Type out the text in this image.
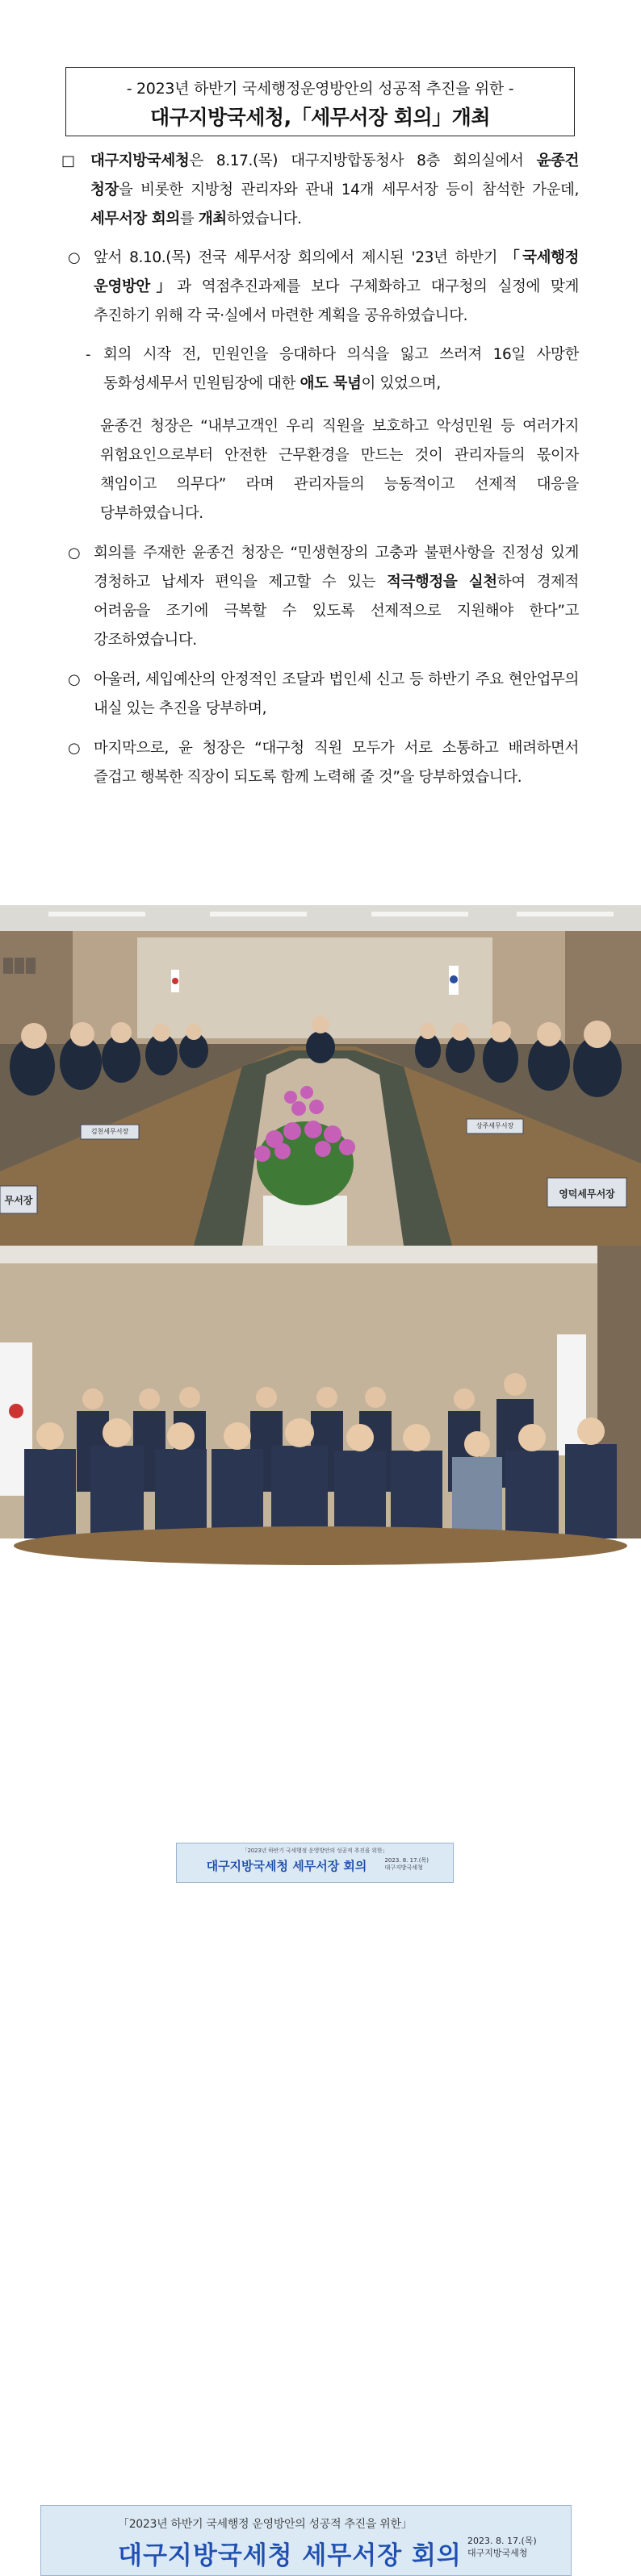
- 2023년 하반기 국세행정운영방안의 성공적 추진을 위한 -
대구지방국세청,「세무서장 회의」개최
□ 대구지방국세청은 8.17.(목) 대구지방합동청사 8층 회의실에서 윤종건 청장을 비롯한 지방청 관리자와 관내 14개 세무서장 등이 참석한 가운데, 세무서장 회의를 개최하였습니다.
○ 앞서 8.10.(목) 전국 세무서장 회의에서 제시된 '23년 하반기 「국세행정 운영방안」과 역점추진과제를 보다 구체화하고 대구청의 실정에 맞게 추진하기 위해 각 국·실에서 마련한 계획을 공유하였습니다.
- 회의 시작 전, 민원인을 응대하다 의식을 잃고 쓰러져 16일 사망한 동화성세무서 민원팀장에 대한 애도 묵념이 있었으며,
윤종건 청장은 “내부고객인 우리 직원을 보호하고 악성민원 등 여러가지 위험요인으로부터 안전한 근무환경을 만드는 것이 관리자들의 몫이자 책임이고 의무다” 라며 관리자들의 능동적이고 선제적 대응을 당부하였습니다.
○ 회의를 주재한 윤종건 청장은 “민생현장의 고충과 불편사항을 진정성 있게 경청하고 납세자 편익을 제고할 수 있는 적극행정을 실천하여 경제적 어려움을 조기에 극복할 수 있도록 선제적으로 지원해야 한다”고 강조하였습니다.
○ 아울러, 세입예산의 안정적인 조달과 법인세 신고 등 하반기 주요 현안업무의 내실 있는 추진을 당부하며,
○ 마지막으로, 윤 청장은 “대구청 직원 모두가 서로 소통하고 배려하면서 즐겁고 행복한 직장이 되도록 함께 노력해 줄 것”을 당부하였습니다.
「2023년 하반기 국세행정 운영방안의 성공적 추진을 위한」
대구지방국세청 세무서장 회의	2023. 8. 17.(목)
대구지방국세청
김천세무서장
상주세무서장
영덕세무서장
무서장
「2023년 하반기 국세행정 운영방안의 성공적 추진을 위한」
대구지방국세청 세무서장 회의
2023. 8. 17.(목)
대구지방국세청
